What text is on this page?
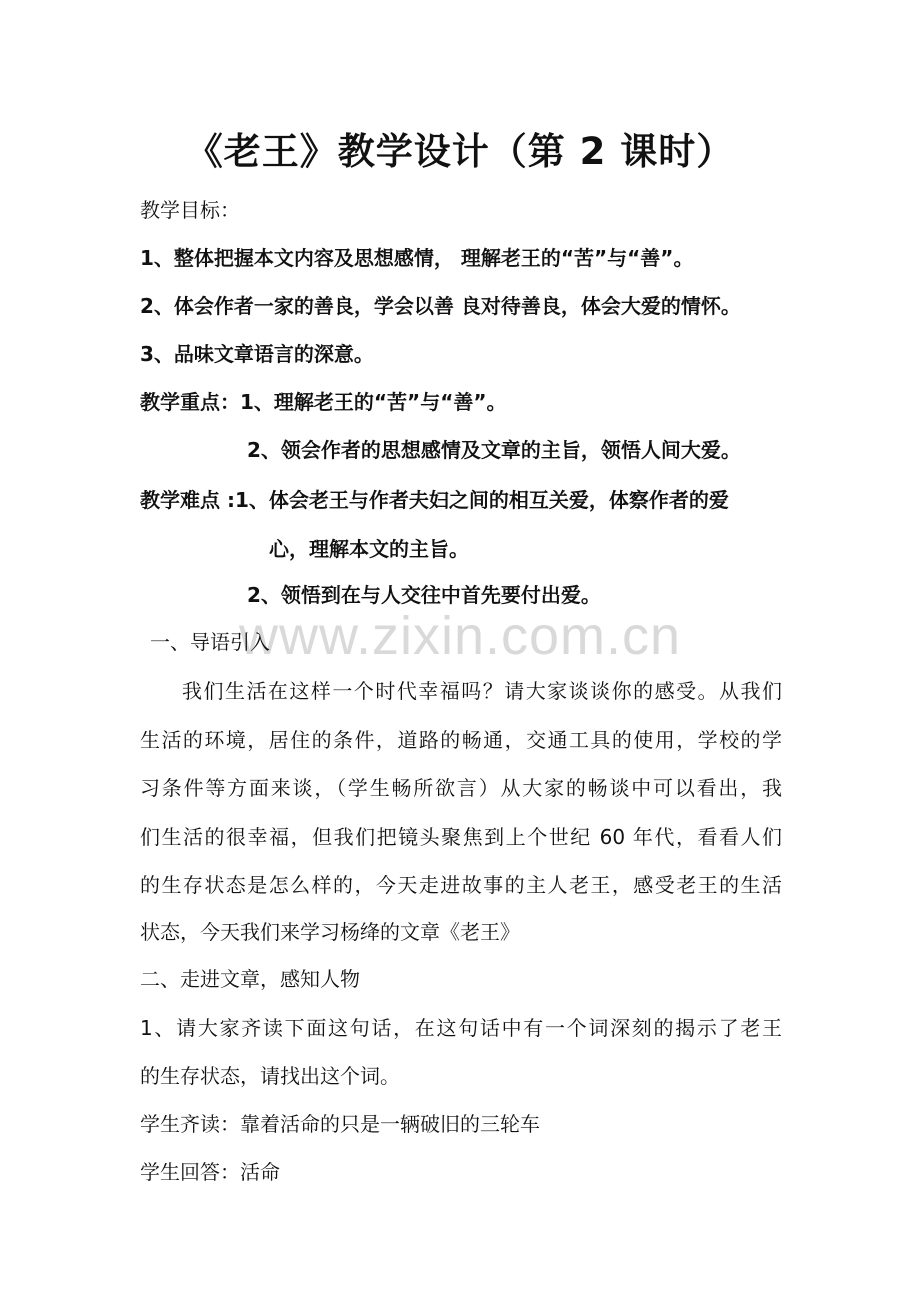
《老王》教学设计（第 2 课时）
教学目标：
1、整体把握本文内容及思想感情， 理解老王的“苦”与“善”。
2、体会作者一家的善良，学会以善 良对待善良，体会大爱的情怀。
3、品味文章语言的深意。
教学重点：1、理解老王的“苦”与“善”。
2、领会作者的思想感情及文章的主旨，领悟人间大爱。
教学难点 :1、体会老王与作者夫妇之间的相互关爱，体察作者的爱
心，理解本文的主旨。
2、领悟到在与人交往中首先要付出爱。
www.zixin.com.cn
一、导语引入
我们生活在这样一个时代幸福吗？请大家谈谈你的感受。从我们
生活的环境，居住的条件，道路的畅通，交通工具的使用，学校的学
习条件等方面来谈，（学生畅所欲言）从大家的畅谈中可以看出，我
们生活的很幸福，但我们把镜头聚焦到上个世纪 60 年代，看看人们
的生存状态是怎么样的，今天走进故事的主人老王，感受老王的生活
状态，今天我们来学习杨绛的文章《老王》
二、走进文章，感知人物
1、请大家齐读下面这句话，在这句话中有一个词深刻的揭示了老王
的生存状态，请找出这个词。
学生齐读：靠着活命的只是一辆破旧的三轮车
学生回答：活命
